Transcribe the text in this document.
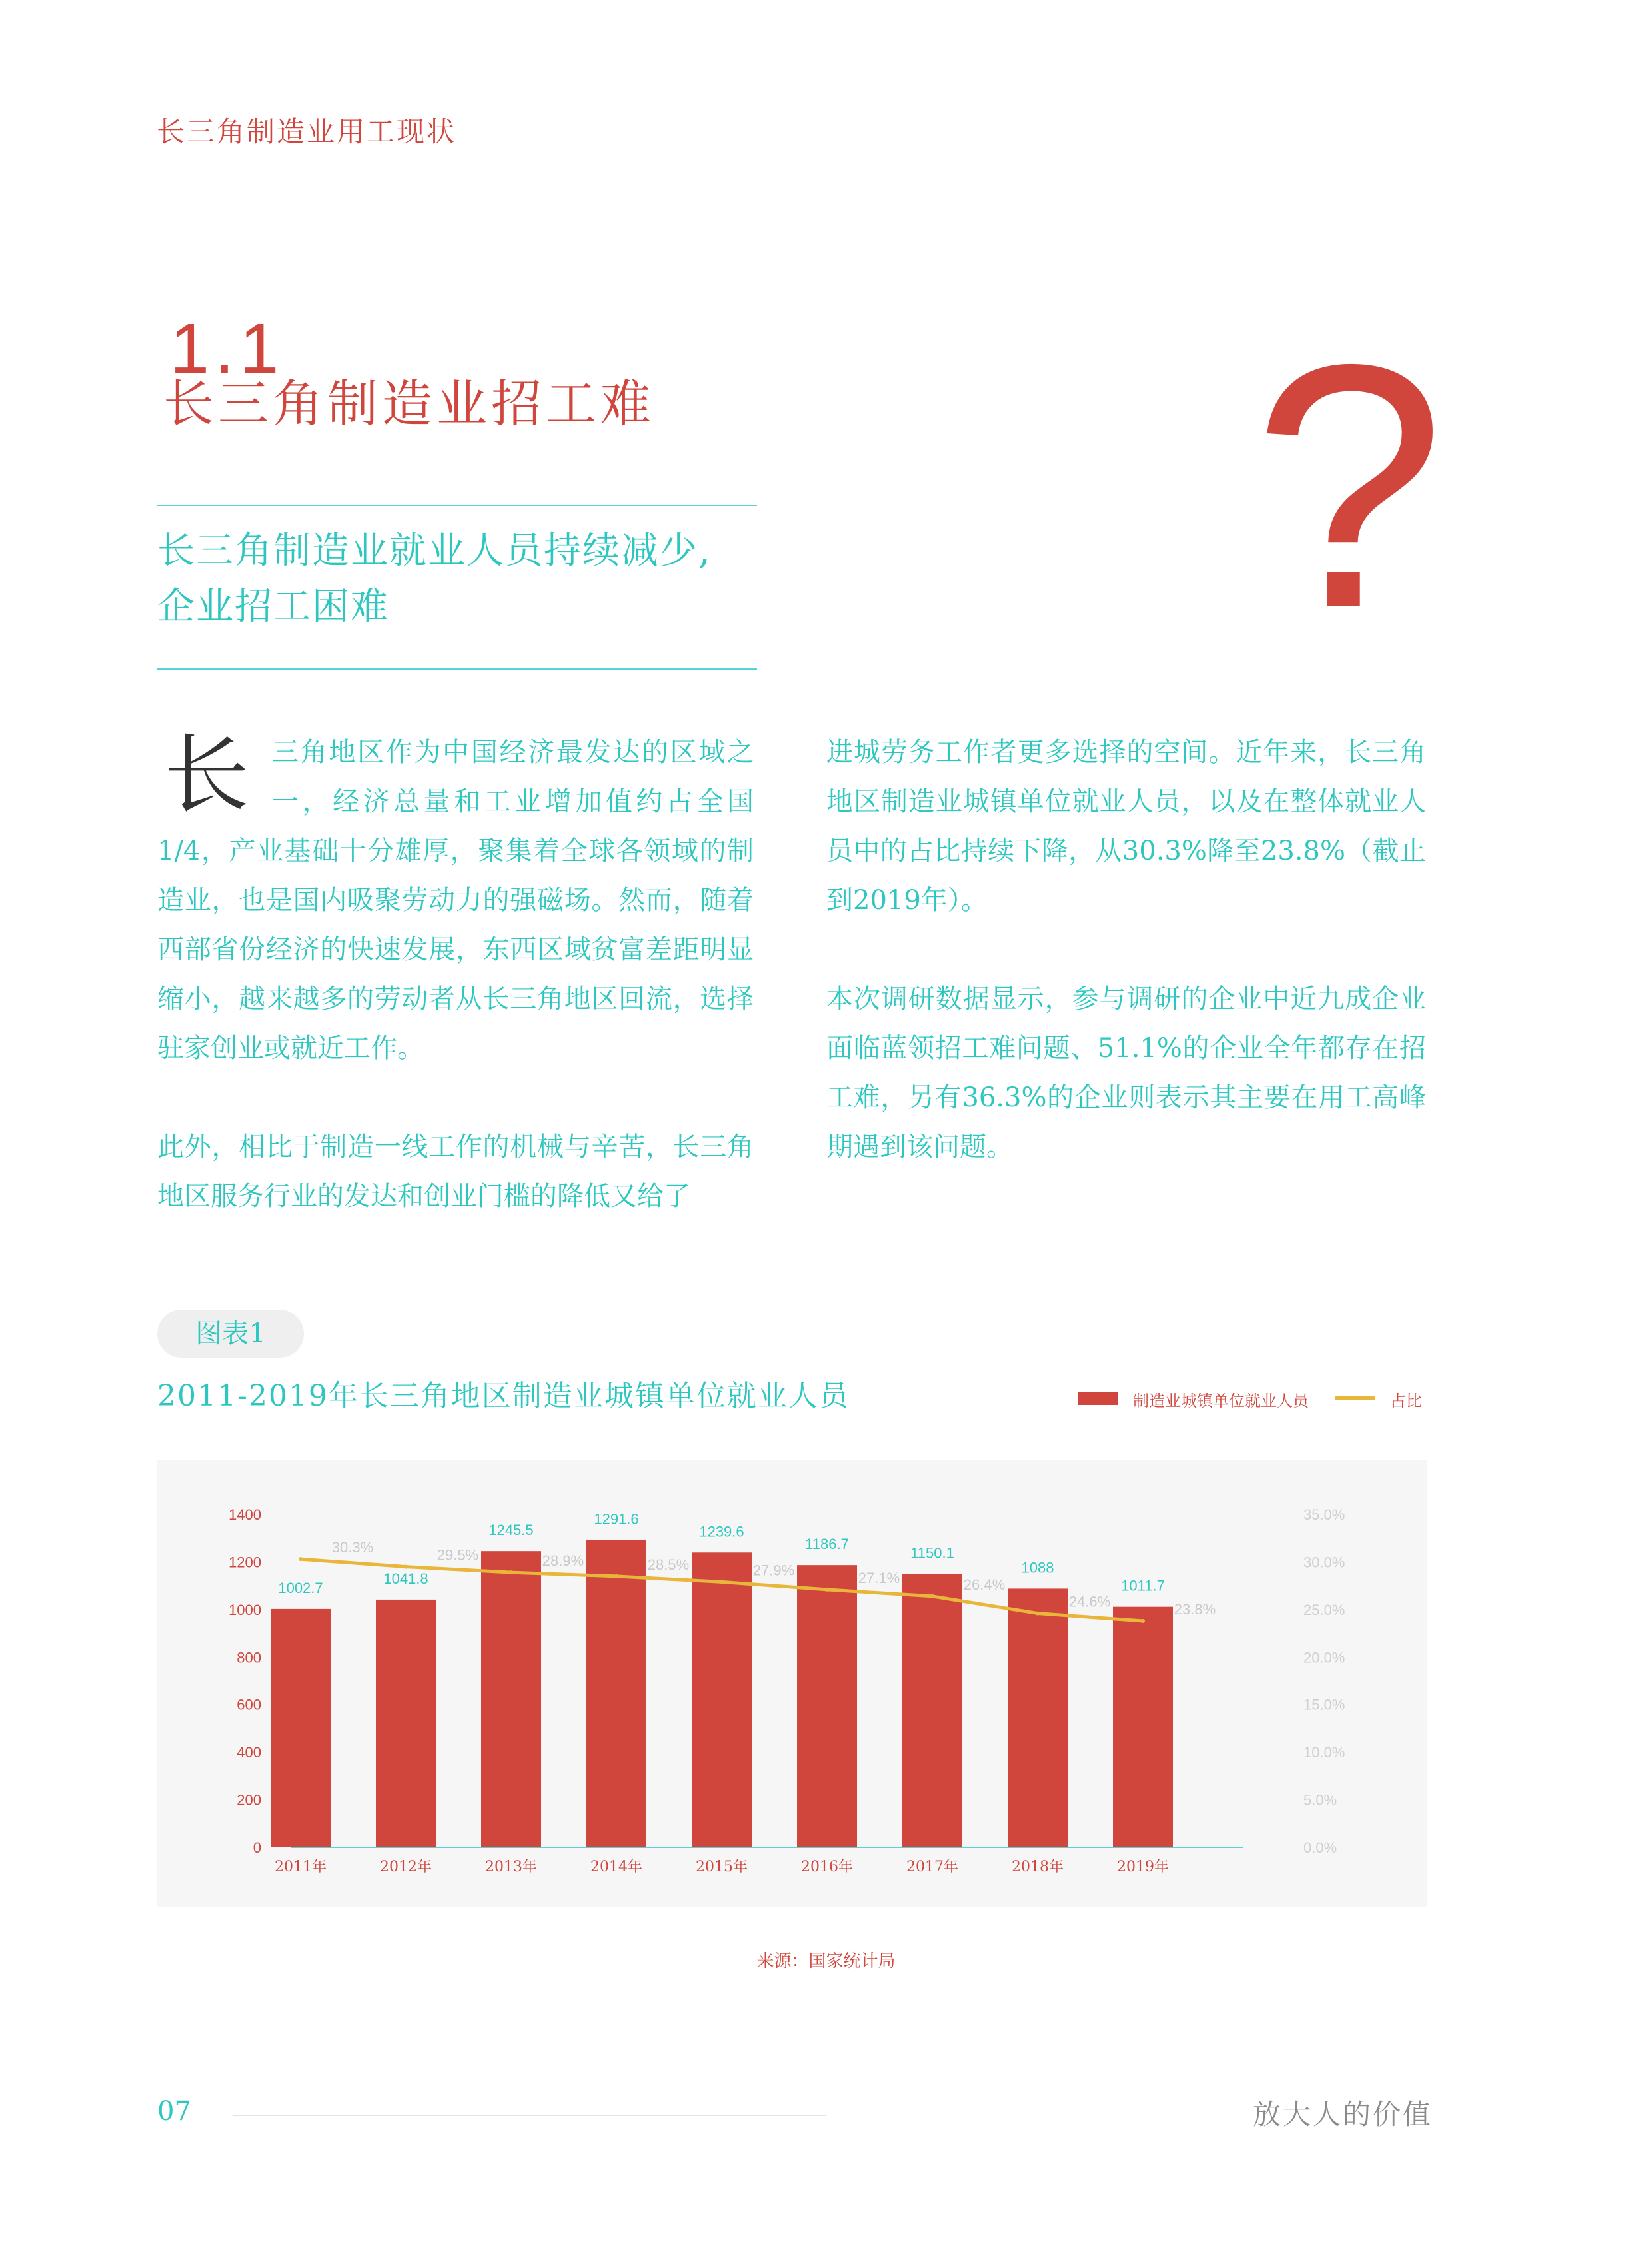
长三角制造业用工现状
1.1
长三角制造业招工难 ?
长三角制造业就业人员持续减少,
企业招工困难
长 三角地区作为中国经济最发达的区域之一，经济总量和工业增加值约占全国1/4，产业基础十分雄厚，聚集着全球各领域的制造业，也是国内吸聚劳动力的强磁场。然而，随着西部省份经济的快速发展，东西区域贫富差距明显缩小，越来越多的劳动者从长三角地区回流，选择驻家创业或就近工作。
此外，相比于制造一线工作的机械与辛苦，长三角地区服务行业的发达和创业门槛的降低又给了
进城劳务工作者更多选择的空间。近年来，长三角地区制造业城镇单位就业人员，以及在整体就业人员中的占比持续下降，从30.3%降至23.8%（截止到2019年）。
本次调研数据显示，参与调研的企业中近九成企业面临蓝领招工难问题、51.1%的企业全年都存在招工难，另有36.3%的企业则表示其主要在用工高峰期遇到该问题。
图表1
2011-2019年长三角地区制造业城镇单位就业人员	制造业城镇单位就业人员	占比
0
200
400
600
800
1000
1200
1400
0.0%
5.0%
10.0%
15.0%
20.0%
25.0%
30.0%
35.0%
1002.7
2011年
1041.8
2012年
1245.5
2013年
1291.6
2014年
1239.6
2015年
1186.7
2016年
1150.1
2017年
1088
2018年
1011.7
2019年
30.3%	29.5%	28.9%	28.5%	27.9%	27.1%	26.4%
24.6%	23.8%
来源：国家统计局
07	放大人的价值
